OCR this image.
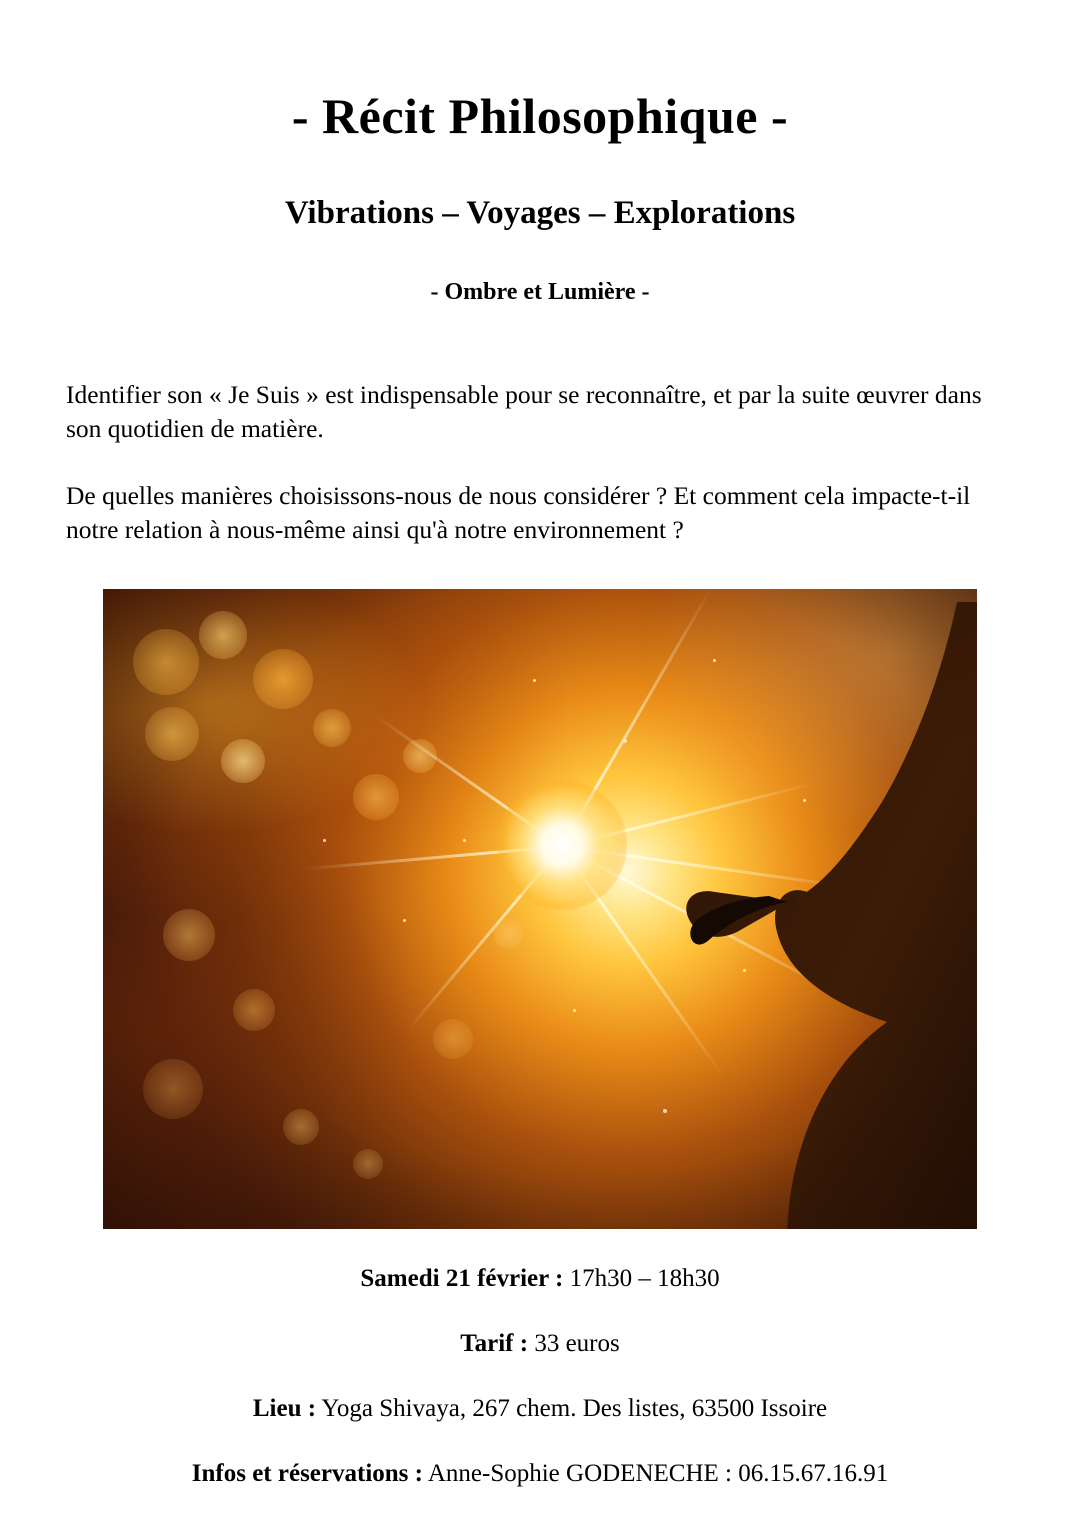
- Récit Philosophique -
Vibrations – Voyages – Explorations
- Ombre et Lumière -

Identifier son « Je Suis » est indispensable pour se reconnaître, et par la suite œuvrer dans son quotidien de matière.

De quelles manières choisissons-nous de nous considérer ? Et comment cela impacte-t-il notre relation à nous-même ainsi qu'à notre environnement ?

Samedi 21 février : 17h30 – 18h30

Tarif : 33 euros

Lieu : Yoga Shivaya, 267 chem. Des listes, 63500 Issoire

Infos et réservations : Anne-Sophie GODENECHE : 06.15.67.16.91
